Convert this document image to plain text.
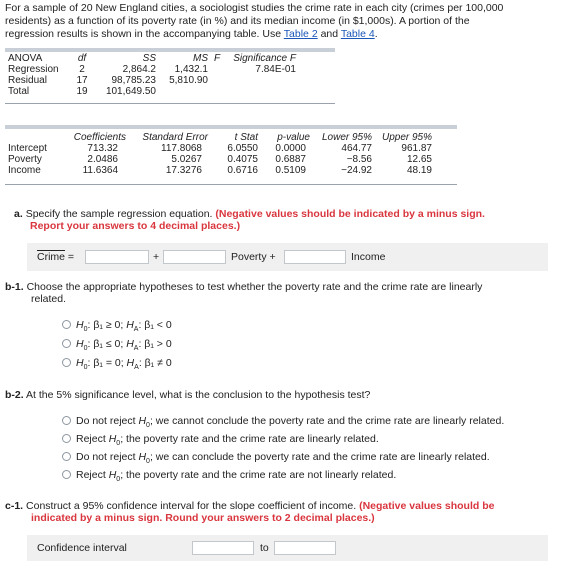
For a sample of 20 New England cities, a sociologist studies the crime rate in each city (crimes per 100,000
residents) as a function of its poverty rate (in %) and its median income (in $1,000s). A portion of the
regression results is shown in the accompanying table. Use Table 2 and Table 4.
ANOVA	df	SS	MS	F	Significance F
Regression	2	2,864.2	1,432.1		7.84E-01
Residual	17	98,785.23	5,810.90		
Total	19	101,649.50			
	Coefficients	Standard Error	t Stat	p-value	Lower 95%	Upper 95%
Intercept	713.32	117.8068	6.0550	0.0000	464.77	961.87
Poverty	2.0486	5.0267	0.4075	0.6887	−8.56	12.65
Income	11.6364	17.3276	0.6716	0.5109	−24.92	48.19
a. Specify the sample regression equation. (Negative values should be indicated by a minus sign.
Report your answers to 4 decimal places.)
Crime =	+	Poverty +	Income
b-1. Choose the appropriate hypotheses to test whether the poverty rate and the crime rate are linearly
related.
$H_0$: β₁ ≥ 0; $H_A$: β₁ < 0
$H_0$: β₁ ≤ 0; $H_A$: β₁ > 0
$H_0$: β₁ = 0; $H_A$: β₁ ≠ 0
b-2. At the 5% significance level, what is the conclusion to the hypothesis test?
Do not reject $H_0$; we cannot conclude the poverty rate and the crime rate are linearly related.
Reject $H_0$; the poverty rate and the crime rate are linearly related.
Do not reject $H_0$; we can conclude the poverty rate and the crime rate are linearly related.
Reject $H_0$; the poverty rate and the crime rate are not linearly related.
c-1. Construct a 95% confidence interval for the slope coefficient of income. (Negative values should be
indicated by a minus sign. Round your answers to 2 decimal places.)
Confidence interval	to
